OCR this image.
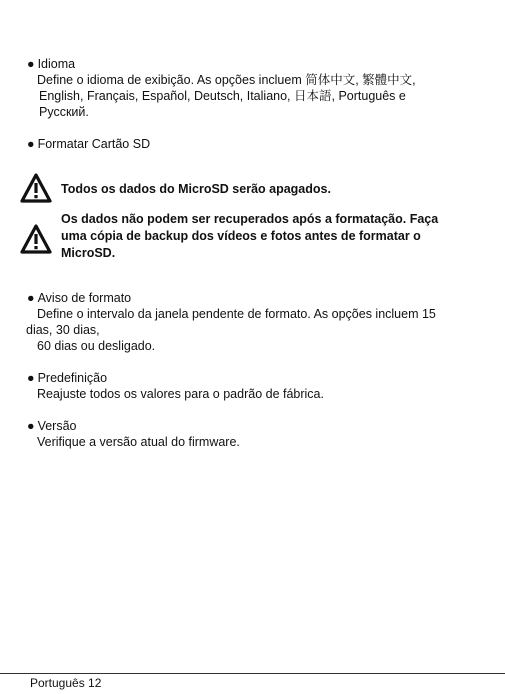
● Idioma
Define o idioma de exibição. As opções incluem 简体中文, 繁體中文,
English, Français, Español, Deutsch, Italiano, 日本語, Português e
Русский.
● Formatar Cartão SD
Todos os dados do MicroSD serão apagados.
Os dados não podem ser recuperados após a formatação. Faça
uma cópia de backup dos vídeos e fotos antes de formatar o
MicroSD.
● Aviso de formato
Define o intervalo da janela pendente de formato. As opções incluem 15
dias, 30 dias,
60 dias ou desligado.
● Predefinição
Reajuste todos os valores para o padrão de fábrica.
● Versão
Verifique a versão atual do firmware.
Português 12
